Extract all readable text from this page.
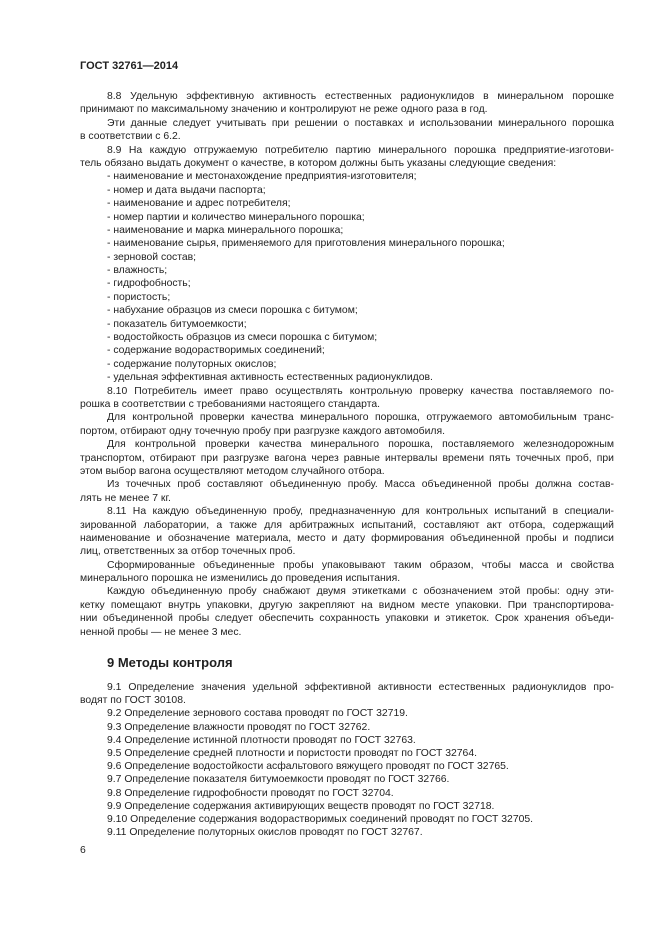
ГОСТ 32761—2014
8.8 Удельную эффективную активность естественных радионуклидов в минеральном порошке
принимают по максимальному значению и контролируют не реже одного раза в год.
Эти данные следует учитывать при решении о поставках и использовании минерального порошка
в соответствии с 6.2.
8.9 На каждую отгружаемую потребителю партию минерального порошка предприятие-изготови-
тель обязано выдать документ о качестве, в котором должны быть указаны следующие сведения:
- наименование и местонахождение предприятия-изготовителя;
- номер и дата выдачи паспорта;
- наименование и адрес потребителя;
- номер партии и количество минерального порошка;
- наименование и марка минерального порошка;
- наименование сырья, применяемого для приготовления минерального порошка;
- зерновой состав;
- влажность;
- гидрофобность;
- пористость;
- набухание образцов из смеси порошка с битумом;
- показатель битумоемкости;
- водостойкость образцов из смеси порошка с битумом;
- содержание водорастворимых соединений;
- содержание полуторных окислов;
- удельная эффективная активность естественных радионуклидов.
8.10 Потребитель имеет право осуществлять контрольную проверку качества поставляемого по-
рошка в соответствии с требованиями настоящего стандарта.
Для контрольной проверки качества минерального порошка, отгружаемого автомобильным транс-
портом, отбирают одну точечную пробу при разгрузке каждого автомобиля.
Для контрольной проверки качества минерального порошка, поставляемого железнодорожным
транспортом, отбирают при разгрузке вагона через равные интервалы времени пять точечных проб, при
этом выбор вагона осуществляют методом случайного отбора.
Из точечных проб составляют объединенную пробу. Масса объединенной пробы должна состав-
лять не менее 7 кг.
8.11 На каждую объединенную пробу, предназначенную для контрольных испытаний в специали-
зированной лаборатории, а также для арбитражных испытаний, составляют акт отбора, содержащий
наименование и обозначение материала, место и дату формирования объединенной пробы и подписи
лиц, ответственных за отбор точечных проб.
Сформированные объединенные пробы упаковывают таким образом, чтобы масса и свойства
минерального порошка не изменились до проведения испытания.
Каждую объединенную пробу снабжают двумя этикетками с обозначением этой пробы: одну эти-
кетку помещают внутрь упаковки, другую закрепляют на видном месте упаковки. При транспортирова-
нии объединенной пробы следует обеспечить сохранность упаковки и этикеток. Срок хранения объеди-
ненной пробы — не менее 3 мес.
9 Методы контроля
9.1 Определение значения удельной эффективной активности естественных радионуклидов про-
водят по ГОСТ 30108.
9.2 Определение зернового состава проводят по ГОСТ 32719.
9.3 Определение влажности проводят по ГОСТ 32762.
9.4 Определение истинной плотности проводят по ГОСТ 32763.
9.5 Определение средней плотности и пористости проводят по ГОСТ 32764.
9.6 Определение водостойкости асфальтового вяжущего проводят по ГОСТ 32765.
9.7 Определение показателя битумоемкости проводят по ГОСТ 32766.
9.8 Определение гидрофобности проводят по ГОСТ 32704.
9.9 Определение содержания активирующих веществ проводят по ГОСТ 32718.
9.10 Определение содержания водорастворимых соединений проводят по ГОСТ 32705.
9.11 Определение полуторных окислов проводят по ГОСТ 32767.
6
